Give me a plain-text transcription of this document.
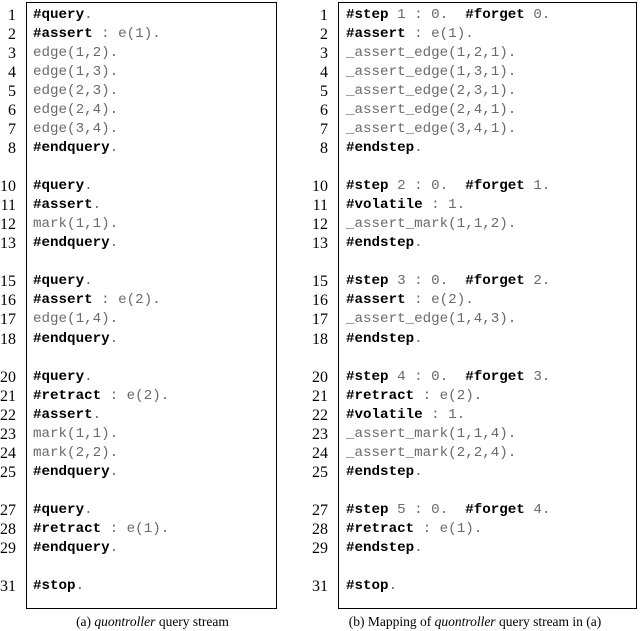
1 #query.
2 #assert : e(1).
3 edge(1,2).
4 edge(1,3).
5 edge(2,3).
6 edge(2,4).
7 edge(3,4).
8 #endquery.
10 #query.
11 #assert.
12 mark(1,1).
13 #endquery.
15 #query.
16 #assert : e(2).
17 edge(1,4).
18 #endquery.
20 #query.
21 #retract : e(2).
22 #assert.
23 mark(1,1).
24 mark(2,2).
25 #endquery.
27 #query.
28 #retract : e(1).
29 #endquery.
31 #stop.
(a) quontroller query stream
1 #step 1 : 0.  #forget 0.
2 #assert : e(1).
3 _assert_edge(1,2,1).
4 _assert_edge(1,3,1).
5 _assert_edge(2,3,1).
6 _assert_edge(2,4,1).
7 _assert_edge(3,4,1).
8 #endstep.
10 #step 2 : 0.  #forget 1.
11 #volatile : 1.
12 _assert_mark(1,1,2).
13 #endstep.
15 #step 3 : 0.  #forget 2.
16 #assert : e(2).
17 _assert_edge(1,4,3).
18 #endstep.
20 #step 4 : 0.  #forget 3.
21 #retract : e(2).
22 #volatile : 1.
23 _assert_mark(1,1,4).
24 _assert_mark(2,2,4).
25 #endstep.
27 #step 5 : 0.  #forget 4.
28 #retract : e(1).
29 #endstep.
31 #stop.
(b) Mapping of quontroller query stream in (a)
